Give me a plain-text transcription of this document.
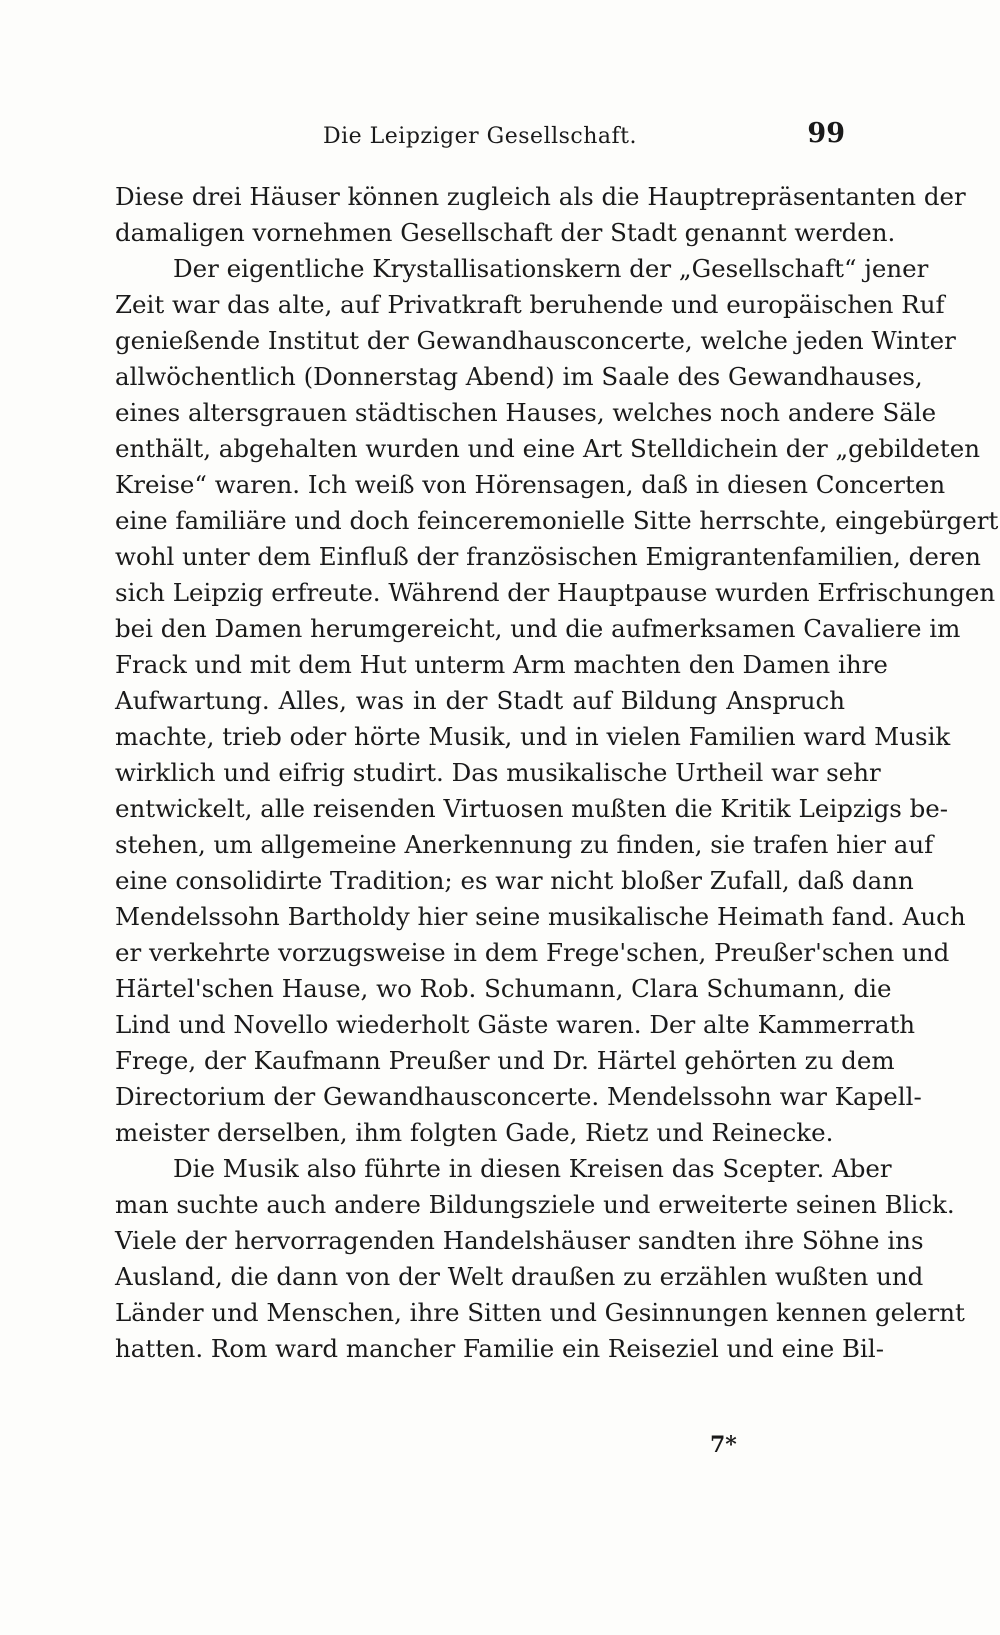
Die Leipziger Gesellschaft.	99
Diese drei Häuser können zugleich als die Hauptrepräsentanten der
damaligen vornehmen Gesellschaft der Stadt genannt werden.
Der eigentliche Krystallisationskern der „Gesellschaft“ jener
Zeit war das alte, auf Privatkraft beruhende und europäischen Ruf
genießende Institut der Gewandhausconcerte, welche jeden Winter
allwöchentlich (Donnerstag Abend) im Saale des Gewandhauses,
eines altersgrauen städtischen Hauses, welches noch andere Säle
enthält, abgehalten wurden und eine Art Stelldichein der „gebildeten
Kreise“ waren. Ich weiß von Hörensagen, daß in diesen Concerten
eine familiäre und doch feinceremonielle Sitte herrschte, eingebürgert
wohl unter dem Einfluß der französischen Emigrantenfamilien, deren
sich Leipzig erfreute. Während der Hauptpause wurden Erfrischungen
bei den Damen herumgereicht, und die aufmerksamen Cavaliere im
Frack und mit dem Hut unterm Arm machten den Damen ihre
Aufwartung. Alles, was in der Stadt auf Bildung Anspruch
machte, trieb oder hörte Musik, und in vielen Familien ward Musik
wirklich und eifrig studirt. Das musikalische Urtheil war sehr
entwickelt, alle reisenden Virtuosen mußten die Kritik Leipzigs be-
stehen, um allgemeine Anerkennung zu finden, sie trafen hier auf
eine consolidirte Tradition; es war nicht bloßer Zufall, daß dann
Mendelssohn Bartholdy hier seine musikalische Heimath fand. Auch
er verkehrte vorzugsweise in dem Frege'schen, Preußer'schen und
Härtel'schen Hause, wo Rob. Schumann, Clara Schumann, die
Lind und Novello wiederholt Gäste waren. Der alte Kammerrath
Frege, der Kaufmann Preußer und Dr. Härtel gehörten zu dem
Directorium der Gewandhausconcerte. Mendelssohn war Kapell-
meister derselben, ihm folgten Gade, Rietz und Reinecke.
Die Musik also führte in diesen Kreisen das Scepter. Aber
man suchte auch andere Bildungsziele und erweiterte seinen Blick.
Viele der hervorragenden Handelshäuser sandten ihre Söhne ins
Ausland, die dann von der Welt draußen zu erzählen wußten und
Länder und Menschen, ihre Sitten und Gesinnungen kennen gelernt
hatten. Rom ward mancher Familie ein Reiseziel und eine Bil-
7*
